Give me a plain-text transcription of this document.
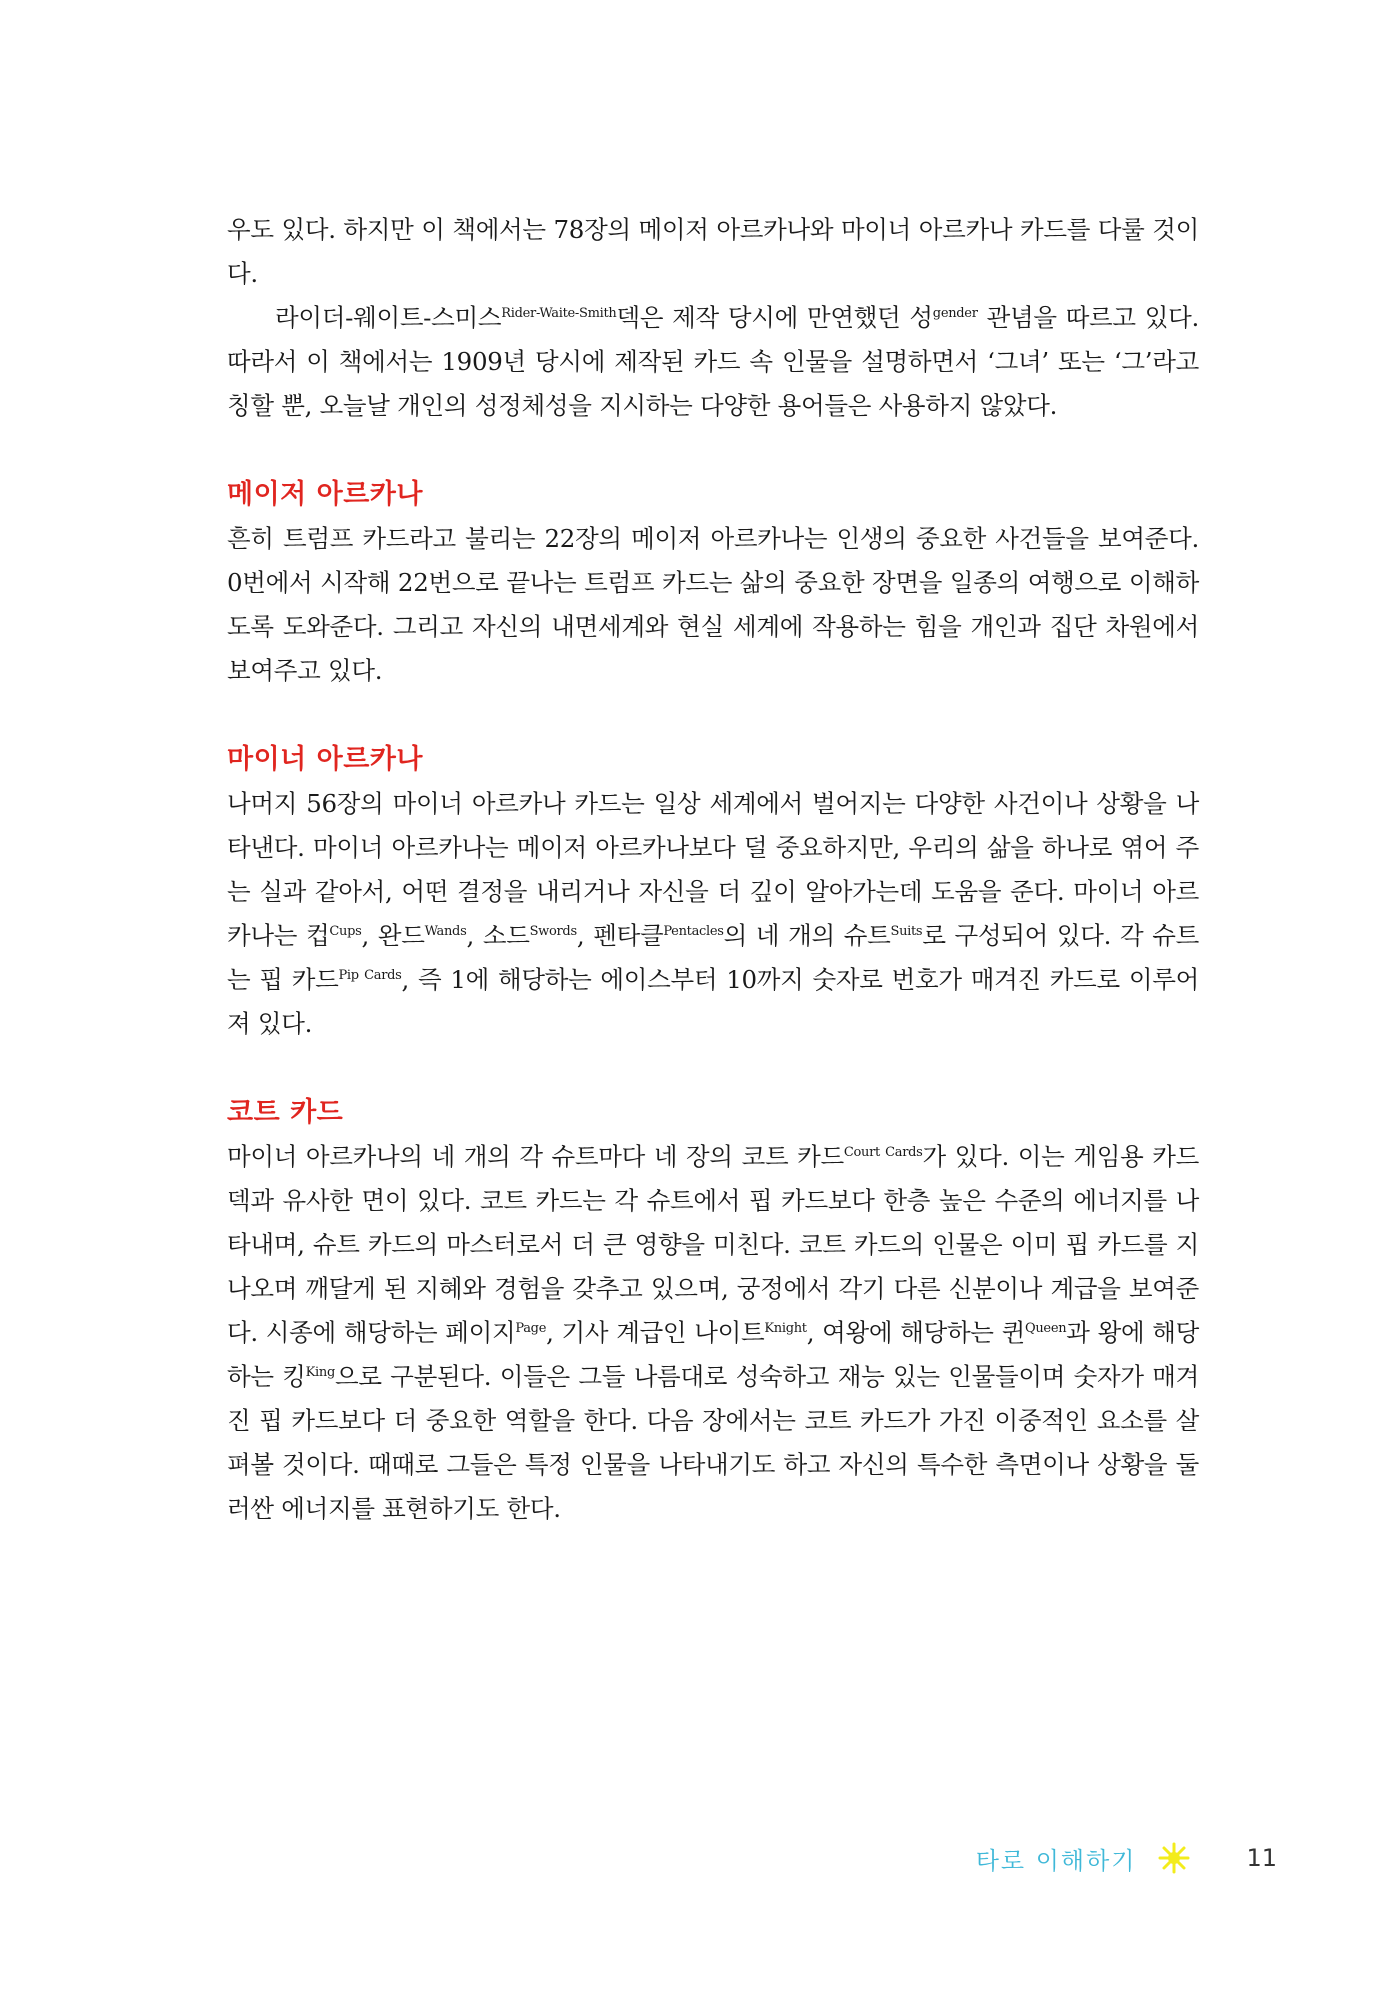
우도 있다. 하지만 이 책에서는 78장의 메이저 아르카나와 마이너 아르카나 카드를 다룰 것이다.

라이더-웨이트-스미스$^{Rider-Waite-Smith}$덱은 제작 당시에 만연했던 성$^{gender}$ 관념을 따르고 있다. 따라서 이 책에서는 1909년 당시에 제작된 카드 속 인물을 설명하면서 ‘그녀’ 또는 ‘그’라고 칭할 뿐, 오늘날 개인의 성정체성을 지시하는 다양한 용어들은 사용하지 않았다.

메이저 아르카나

흔히 트럼프 카드라고 불리는 22장의 메이저 아르카나는 인생의 중요한 사건들을 보여준다. 0번에서 시작해 22번으로 끝나는 트럼프 카드는 삶의 중요한 장면을 일종의 여행으로 이해하도록 도와준다. 그리고 자신의 내면세계와 현실 세계에 작용하는 힘을 개인과 집단 차원에서 보여주고 있다.

마이너 아르카나

나머지 56장의 마이너 아르카나 카드는 일상 세계에서 벌어지는 다양한 사건이나 상황을 나타낸다. 마이너 아르카나는 메이저 아르카나보다 덜 중요하지만, 우리의 삶을 하나로 엮어 주는 실과 같아서, 어떤 결정을 내리거나 자신을 더 깊이 알아가는데 도움을 준다. 마이너 아르카나는 컵$^{Cups}$, 완드$^{Wands}$, 소드$^{Swords}$, 펜타클$^{Pentacles}$의 네 개의 슈트$^{Suits}$로 구성되어 있다. 각 슈트는 핍 카드$^{Pip Cards}$, 즉 1에 해당하는 에이스부터 10까지 숫자로 번호가 매겨진 카드로 이루어져 있다.

코트 카드

마이너 아르카나의 네 개의 각 슈트마다 네 장의 코트 카드$^{Court Cards}$가 있다. 이는 게임용 카드 덱과 유사한 면이 있다. 코트 카드는 각 슈트에서 핍 카드보다 한층 높은 수준의 에너지를 나타내며, 슈트 카드의 마스터로서 더 큰 영향을 미친다. 코트 카드의 인물은 이미 핍 카드를 지나오며 깨달게 된 지혜와 경험을 갖추고 있으며, 궁정에서 각기 다른 신분이나 계급을 보여준다. 시종에 해당하는 페이지$^{Page}$, 기사 계급인 나이트$^{Knight}$, 여왕에 해당하는 퀸$^{Queen}$과 왕에 해당하는 킹$^{King}$으로 구분된다. 이들은 그들 나름대로 성숙하고 재능 있는 인물들이며 숫자가 매겨진 핍 카드보다 더 중요한 역할을 한다. 다음 장에서는 코트 카드가 가진 이중적인 요소를 살펴볼 것이다. 때때로 그들은 특정 인물을 나타내기도 하고 자신의 특수한 측면이나 상황을 둘러싼 에너지를 표현하기도 한다.

타로 이해하기	11
